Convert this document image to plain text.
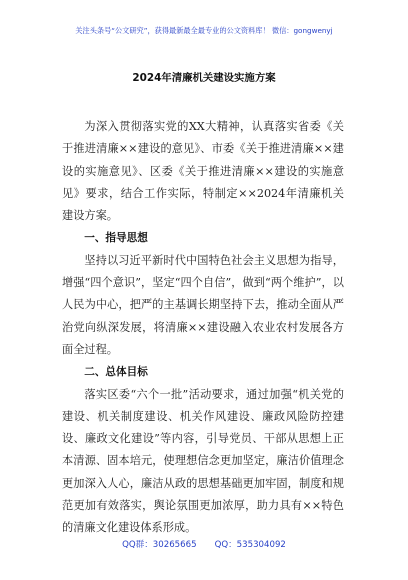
关注头条号“公文研究”，获得最新最全最专业的公文资料库！ 微信：gongwenyj
2024年清廉机关建设实施方案

为深入贯彻落实党的XX大精神，认真落实省委《关于推进清廉××建设的意见》、市委《关于推进清廉××建设的实施意见》、区委《关于推进清廉××建设的实施意见》要求，结合工作实际，特制定××2024年清廉机关建设方案。

一、指导思想

坚持以习近平新时代中国特色社会主义思想为指导，增强“四个意识”，坚定“四个自信”，做到“两个维护”，以人民为中心，把严的主基调长期坚持下去，推动全面从严治党向纵深发展，将清廉××建设融入农业农村发展各方面全过程。

二、总体目标

落实区委“六个一批”活动要求，通过加强“机关党的建设、机关制度建设、机关作风建设、廉政风险防控建设、廉政文化建设”等内容，引导党员、干部从思想上正本清源、固本培元，使理想信念更加坚定，廉洁价值理念更加深入人心，廉洁从政的思想基础更加牢固，制度和规范更加有效落实，舆论氛围更加浓厚，助力具有××特色的清廉文化建设体系形成。

QQ群：30265665 QQ：535304092
